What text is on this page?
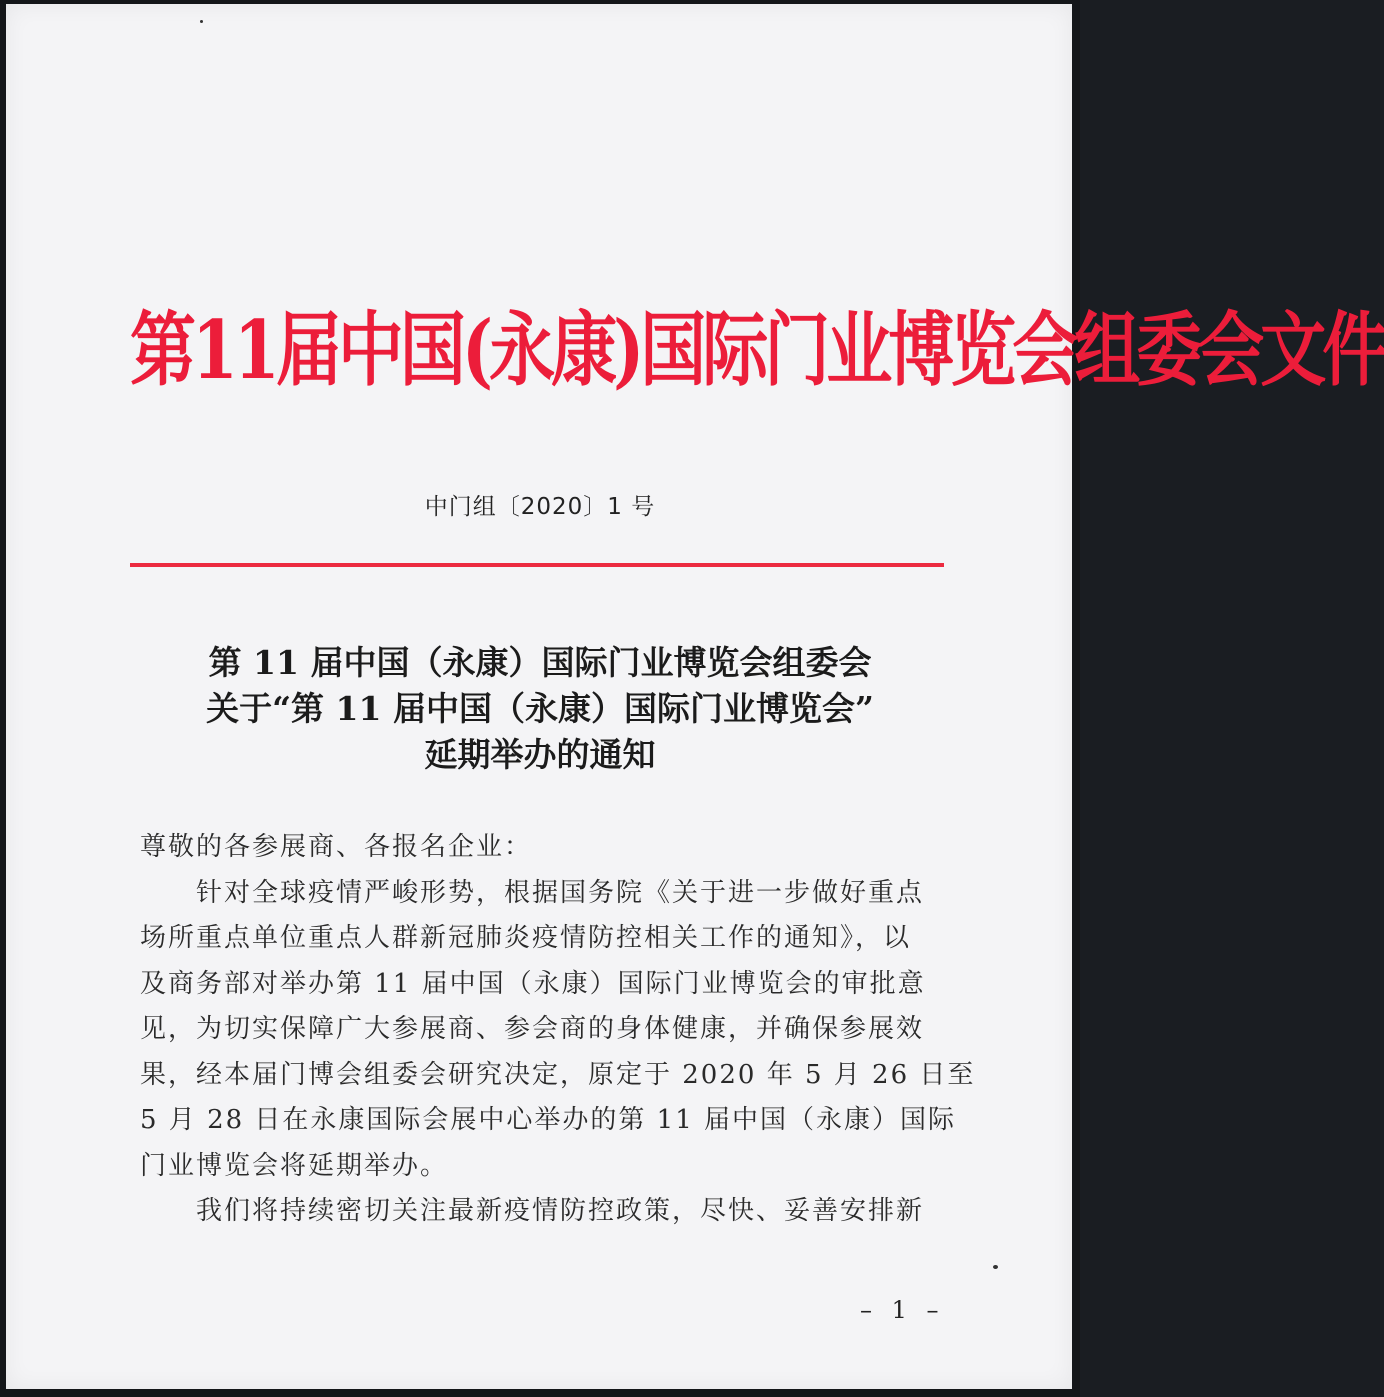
第11届中国(永康)国际门业博览会组委会文件
中门组〔2020〕1 号
第 11 届中国（永康）国际门业博览会组委会
关于“第 11 届中国（永康）国际门业博览会”
延期举办的通知
尊敬的各参展商、各报名企业：
针对全球疫情严峻形势，根据国务院《关于进一步做好重点
场所重点单位重点人群新冠肺炎疫情防控相关工作的通知》，以
及商务部对举办第 11 届中国（永康）国际门业博览会的审批意
见，为切实保障广大参展商、参会商的身体健康，并确保参展效
果，经本届门博会组委会研究决定，原定于 2020 年 5 月 26 日至
5 月 28 日在永康国际会展中心举办的第 11 届中国（永康）国际
门业博览会将延期举办。
我们将持续密切关注最新疫情防控政策，尽快、妥善安排新
– 1 –
